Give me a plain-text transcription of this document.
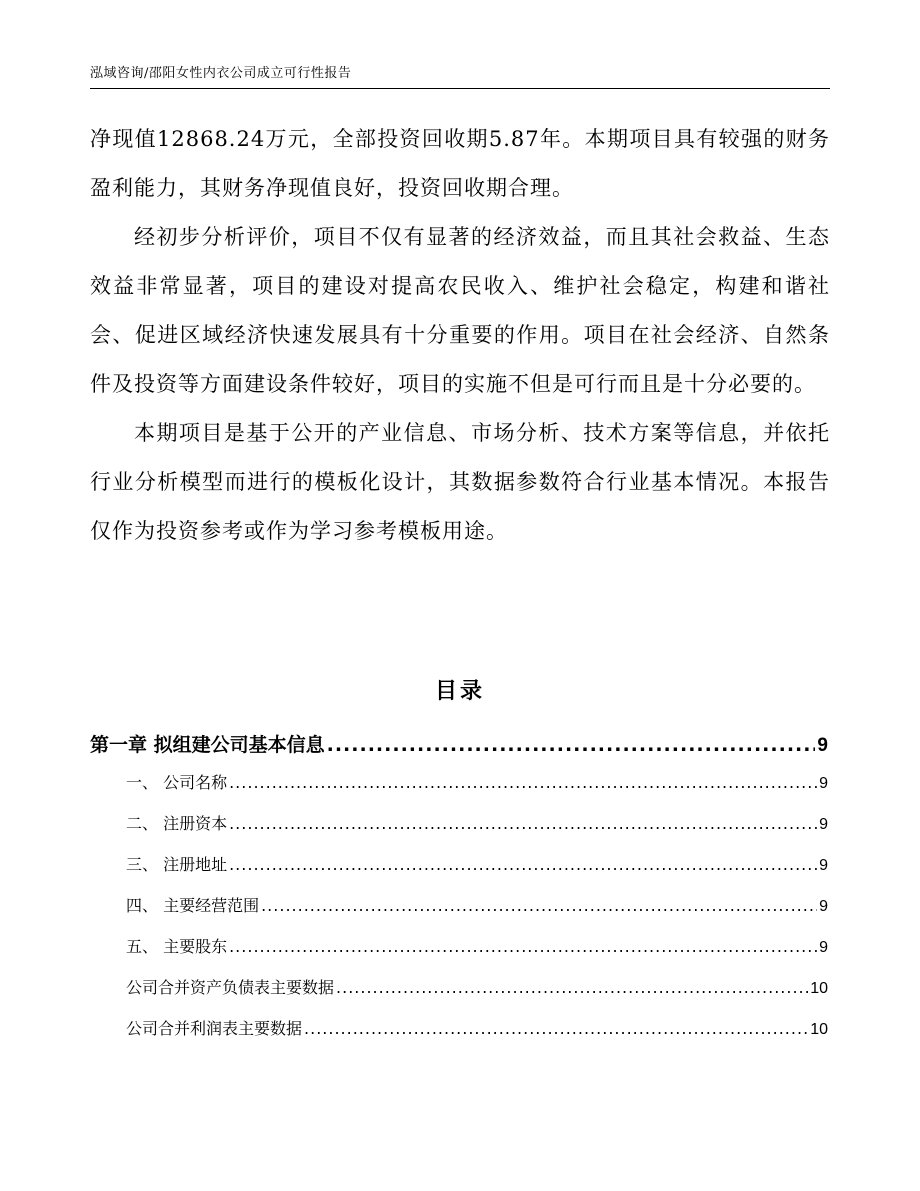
泓域咨询/邵阳女性内衣公司成立可行性报告

净现值12868.24万元，全部投资回收期5.87年。本期项目具有较强的财务盈利能力，其财务净现值良好，投资回收期合理。

经初步分析评价，项目不仅有显著的经济效益，而且其社会救益、生态效益非常显著，项目的建设对提高农民收入、维护社会稳定，构建和谐社会、促进区域经济快速发展具有十分重要的作用。项目在社会经济、自然条件及投资等方面建设条件较好，项目的实施不但是可行而且是十分必要的。

本期项目是基于公开的产业信息、市场分析、技术方案等信息，并依托行业分析模型而进行的模板化设计，其数据参数符合行业基本情况。本报告仅作为投资参考或作为学习参考模板用途。

目录
第一章 拟组建公司基本信息 .....	9
一、 公司名称 .....	9
二、 注册资本 .....	9
三、 注册地址 .....	9
四、 主要经营范围 .....	9
五、 主要股东 .....	9
公司合并资产负债表主要数据 .....	10
公司合并利润表主要数据 .....	10
